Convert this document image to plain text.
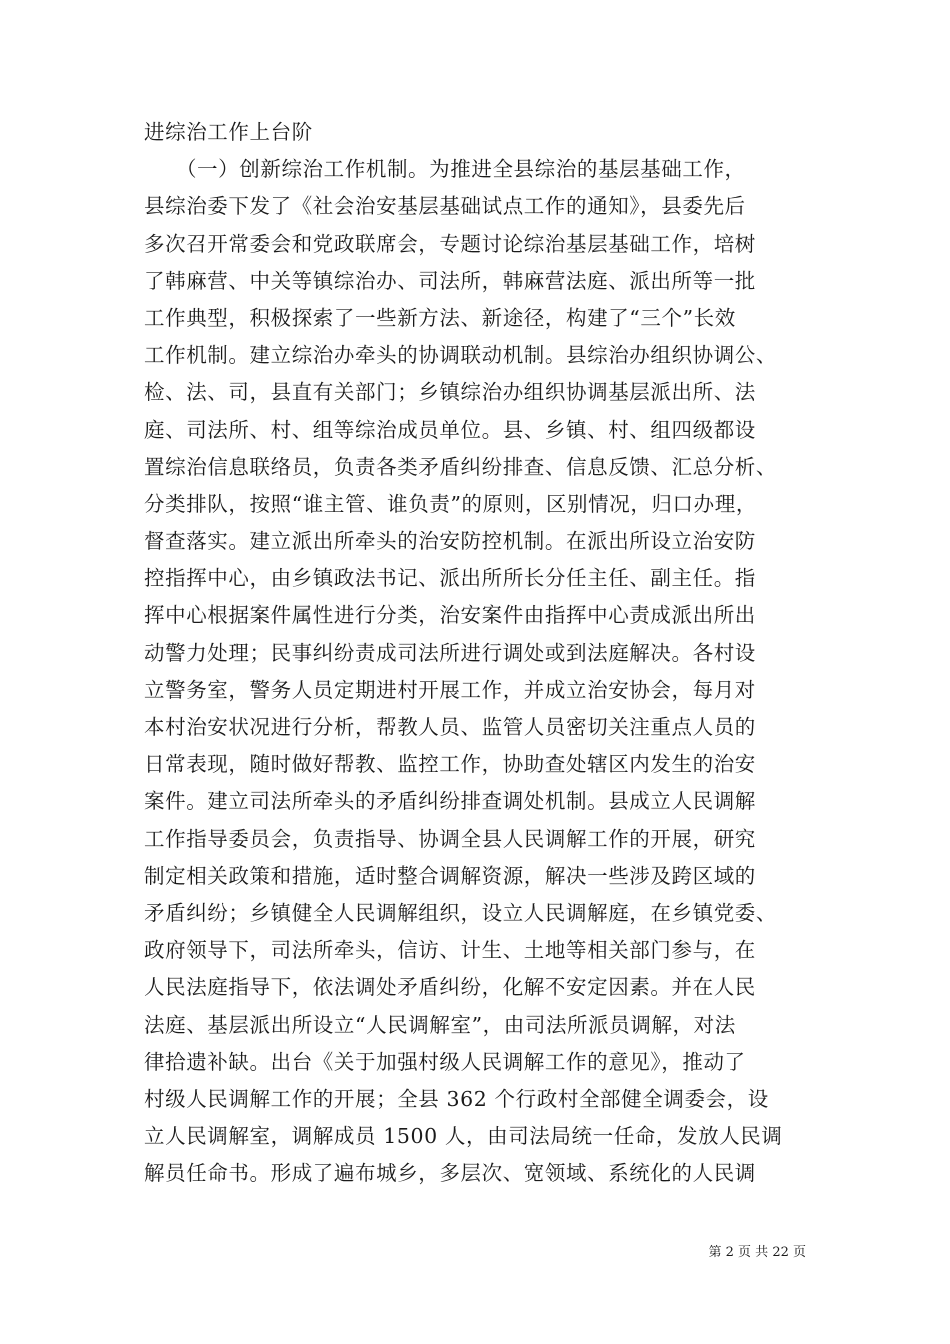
进综治工作上台阶
　　（一）创新综治工作机制。为推进全县综治的基层基础工作，
县综治委下发了《社会治安基层基础试点工作的通知》，县委先后
多次召开常委会和党政联席会，专题讨论综治基层基础工作，培树
了韩麻营、中关等镇综治办、司法所，韩麻营法庭、派出所等一批
工作典型，积极探索了一些新方法、新途径，构建了“三个”长效
工作机制。建立综治办牵头的协调联动机制。县综治办组织协调公、
检、法、司，县直有关部门；乡镇综治办组织协调基层派出所、法
庭、司法所、村、组等综治成员单位。县、乡镇、村、组四级都设
置综治信息联络员，负责各类矛盾纠纷排查、信息反馈、汇总分析、
分类排队，按照“谁主管、谁负责”的原则，区别情况，归口办理，
督查落实。建立派出所牵头的治安防控机制。在派出所设立治安防
控指挥中心，由乡镇政法书记、派出所所长分任主任、副主任。指
挥中心根据案件属性进行分类，治安案件由指挥中心责成派出所出
动警力处理；民事纠纷责成司法所进行调处或到法庭解决。各村设
立警务室，警务人员定期进村开展工作，并成立治安协会，每月对
本村治安状况进行分析，帮教人员、监管人员密切关注重点人员的
日常表现，随时做好帮教、监控工作，协助查处辖区内发生的治安
案件。建立司法所牵头的矛盾纠纷排查调处机制。县成立人民调解
工作指导委员会，负责指导、协调全县人民调解工作的开展，研究
制定相关政策和措施，适时整合调解资源，解决一些涉及跨区域的
矛盾纠纷；乡镇健全人民调解组织，设立人民调解庭，在乡镇党委、
政府领导下，司法所牵头，信访、计生、土地等相关部门参与，在
人民法庭指导下，依法调处矛盾纠纷，化解不安定因素。并在人民
法庭、基层派出所设立“人民调解室”，由司法所派员调解，对法
律拾遗补缺。出台《关于加强村级人民调解工作的意见》，推动了
村级人民调解工作的开展；全县 362 个行政村全部健全调委会，设
立人民调解室，调解成员 1500 人，由司法局统一任命，发放人民调
解员任命书。形成了遍布城乡，多层次、宽领域、系统化的人民调
第 2 页 共 22 页
